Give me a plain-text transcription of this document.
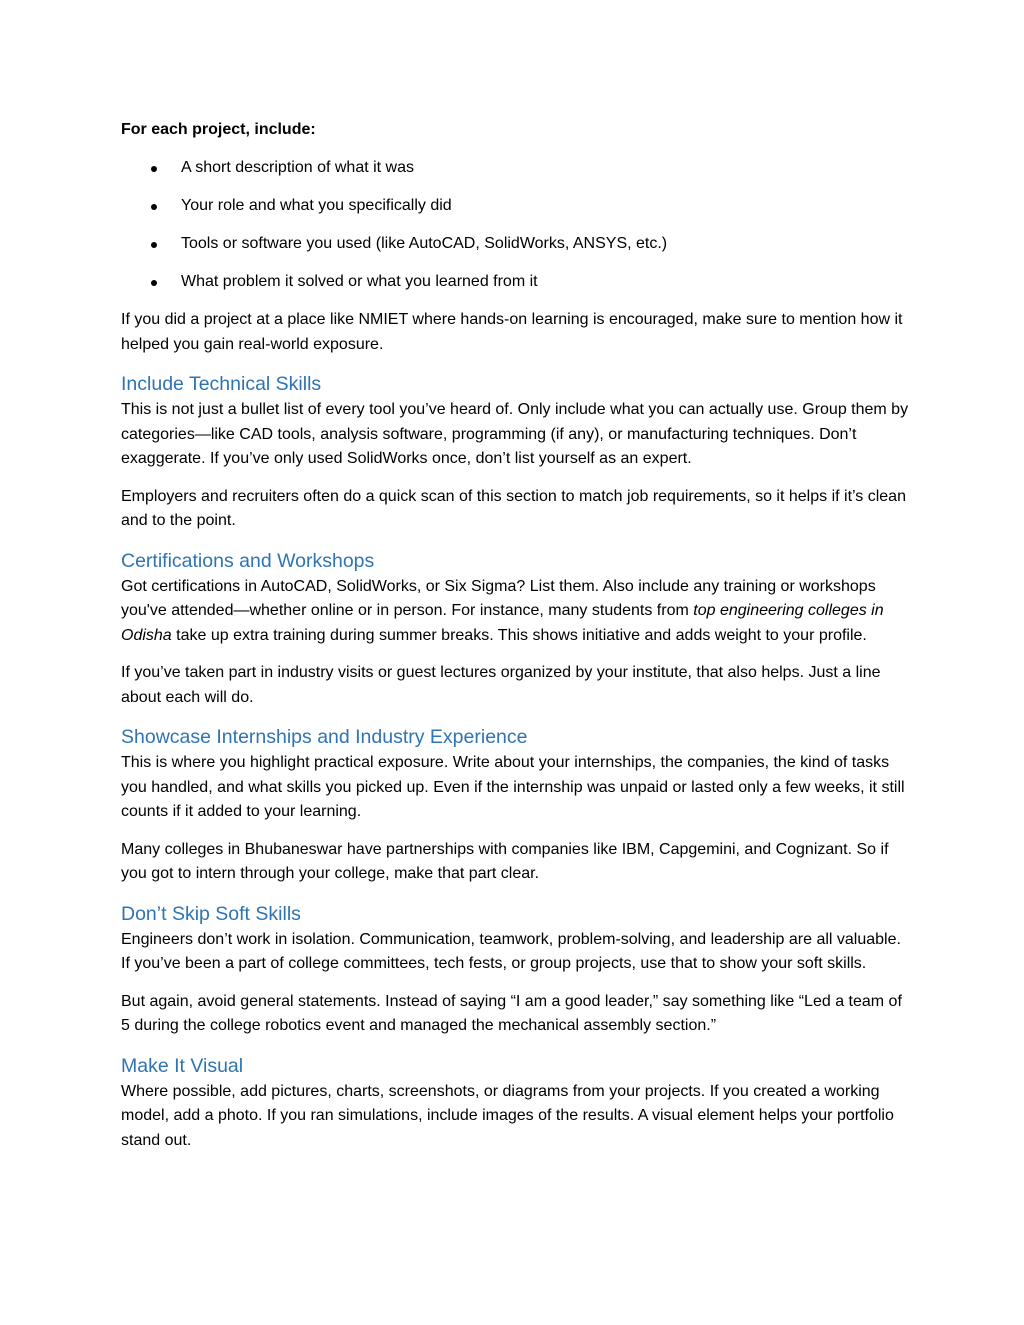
For each project, include:

A short description of what it was
Your role and what you specifically did
Tools or software you used (like AutoCAD, SolidWorks, ANSYS, etc.)
What problem it solved or what you learned from it

If you did a project at a place like NMIET where hands-on learning is encouraged, make sure to mention how it helped you gain real-world exposure.

Include Technical Skills

This is not just a bullet list of every tool you’ve heard of. Only include what you can actually use. Group them by categories—like CAD tools, analysis software, programming (if any), or manufacturing techniques. Don’t exaggerate. If you’ve only used SolidWorks once, don’t list yourself as an expert.

Employers and recruiters often do a quick scan of this section to match job requirements, so it helps if it’s clean and to the point.

Certifications and Workshops

Got certifications in AutoCAD, SolidWorks, or Six Sigma? List them. Also include any training or workshops you've attended—whether online or in person. For instance, many students from top engineering colleges in Odisha take up extra training during summer breaks. This shows initiative and adds weight to your profile.

If you’ve taken part in industry visits or guest lectures organized by your institute, that also helps. Just a line about each will do.

Showcase Internships and Industry Experience

This is where you highlight practical exposure. Write about your internships, the companies, the kind of tasks you handled, and what skills you picked up. Even if the internship was unpaid or lasted only a few weeks, it still counts if it added to your learning.

Many colleges in Bhubaneswar have partnerships with companies like IBM, Capgemini, and Cognizant. So if you got to intern through your college, make that part clear.

Don’t Skip Soft Skills

Engineers don’t work in isolation. Communication, teamwork, problem-solving, and leadership are all valuable. If you’ve been a part of college committees, tech fests, or group projects, use that to show your soft skills.

But again, avoid general statements. Instead of saying “I am a good leader,” say something like “Led a team of 5 during the college robotics event and managed the mechanical assembly section.”

Make It Visual

Where possible, add pictures, charts, screenshots, or diagrams from your projects. If you created a working model, add a photo. If you ran simulations, include images of the results. A visual element helps your portfolio stand out.
